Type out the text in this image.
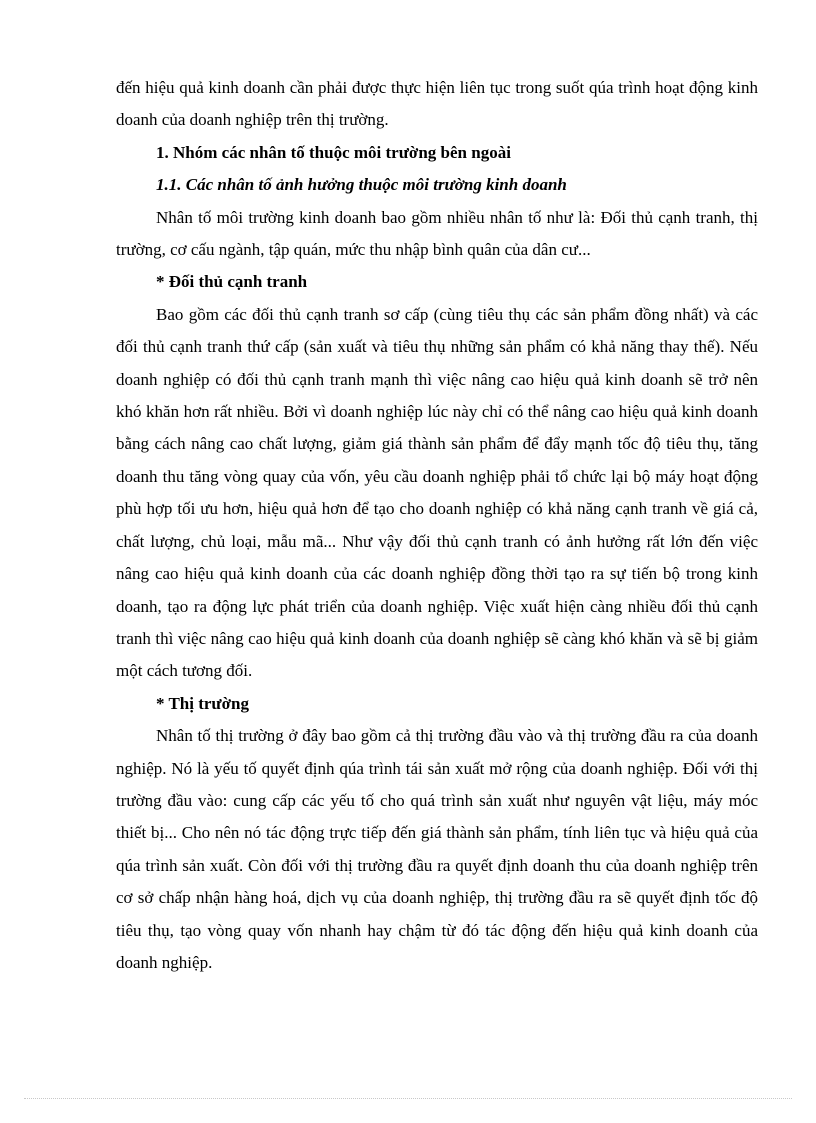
đến hiệu quả kinh doanh cần phải được thực hiện liên tục trong suốt qúa trình hoạt động kinh doanh của doanh nghiệp trên thị trường.

1. Nhóm các nhân tố thuộc môi trường bên ngoài

1.1. Các nhân tố ảnh hưởng thuộc môi trường kinh doanh

Nhân tố môi trường kinh doanh bao gồm nhiều nhân tố như là: Đối thủ cạnh tranh, thị trường, cơ cấu ngành, tập quán, mức thu nhập bình quân của dân cư...

* Đối thủ cạnh tranh

Bao gồm các đối thủ cạnh tranh sơ cấp (cùng tiêu thụ các sản phẩm đồng nhất) và các đối thủ cạnh tranh thứ cấp (sản xuất và tiêu thụ những sản phẩm có khả năng thay thế). Nếu doanh nghiệp có đối thủ cạnh tranh mạnh thì việc nâng cao hiệu quả kinh doanh sẽ trở nên khó khăn hơn rất nhiều. Bởi vì doanh nghiệp lúc này chỉ có thể nâng cao hiệu quả kinh doanh bằng cách nâng cao chất lượng, giảm giá thành sản phẩm để đẩy mạnh tốc độ tiêu thụ, tăng doanh thu tăng vòng quay của vốn, yêu cầu doanh nghiệp phải tổ chức lại bộ máy hoạt động phù hợp tối ưu hơn, hiệu quả hơn để tạo cho doanh nghiệp có khả năng cạnh tranh về giá cả, chất lượng, chủ loại, mẫu mã... Như vậy đối thủ cạnh tranh có ảnh hưởng rất lớn đến việc nâng cao hiệu quả kinh doanh của các doanh nghiệp đồng thời tạo ra sự tiến bộ trong kinh doanh, tạo ra động lực phát triển của doanh nghiệp. Việc xuất hiện càng nhiều đối thủ cạnh tranh thì việc nâng cao hiệu quả kinh doanh của doanh nghiệp sẽ càng khó khăn và sẽ bị giảm một cách tương đối.

* Thị trường

Nhân tố thị trường ở đây bao gồm cả thị trường đầu vào và thị trường đầu ra của doanh nghiệp. Nó là yếu tố quyết định qúa trình tái sản xuất mở rộng của doanh nghiệp. Đối với thị trường đầu vào: cung cấp các yếu tố cho quá trình sản xuất như nguyên vật liệu, máy móc thiết bị... Cho nên nó tác động trực tiếp đến giá thành sản phẩm, tính liên tục và hiệu quả của qúa trình sản xuất. Còn đối với thị trường đầu ra quyết định doanh thu của doanh nghiệp trên cơ sở chấp nhận hàng hoá, dịch vụ của doanh nghiệp, thị trường đầu ra sẽ quyết định tốc độ tiêu thụ, tạo vòng quay vốn nhanh hay chậm từ đó tác động đến hiệu quả kinh doanh của doanh nghiệp.
